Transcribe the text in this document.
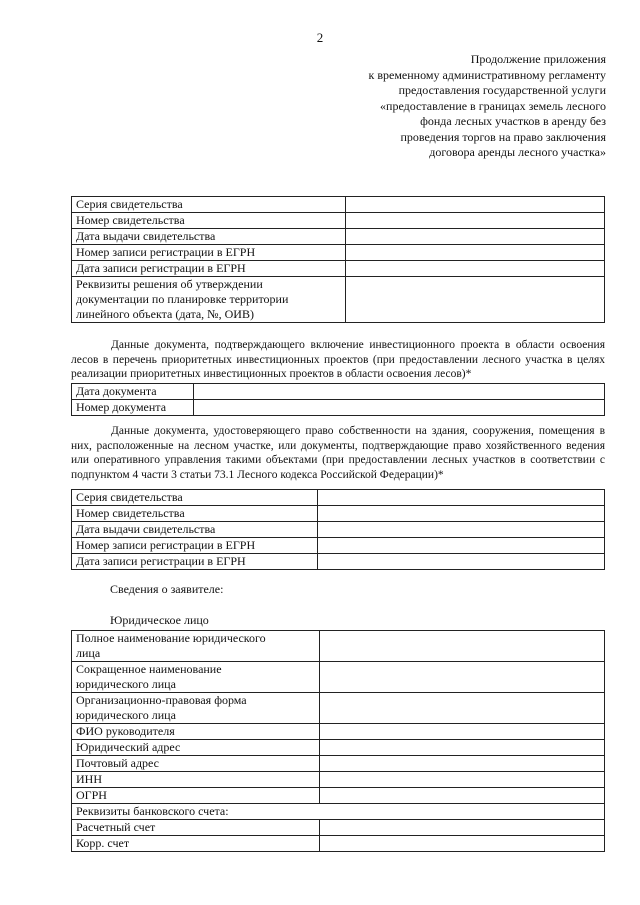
2
Продолжение приложения
к временному административному регламенту
предоставления государственной услуги
«предоставление в границах земель лесного
фонда лесных участков в аренду без
проведения торгов на право заключения
договора аренды лесного участка»
Серия свидетельства	
Номер свидетельства	
Дата выдачи свидетельства	
Номер записи регистрации в ЕГРН	
Дата записи регистрации в ЕГРН	

Реквизиты решения об утверждении
документации по планировке территории
линейного объекта (дата, №, ОИВ)	

Данные документа, подтверждающего включение инвестиционного проекта в области освоения лесов в перечень приоритетных инвестиционных проектов (при предоставлении лесного участка в целях реализации приоритетных инвестиционных проектов в области освоения лесов)*
Дата документа	
Номер документа	
Данные документа, удостоверяющего право собственности на здания, сооружения, помещения в них, расположенные на лесном участке, или документы, подтверждающие право хозяйственного ведения или оперативного управления такими объектами (при предоставлении лесных участков в соответствии с подпунктом 4 части 3 статьи 73.1 Лесного кодекса Российской Федерации)*
Серия свидетельства	
Номер свидетельства	
Дата выдачи свидетельства	
Номер записи регистрации в ЕГРН	
Дата записи регистрации в ЕГРН	
Сведения о заявителе:
Юридическое лицо
Полное наименование юридического
лица	

Сокращенное наименование
юридического лица	

Организационно-правовая форма
юридического лица	

ФИО руководителя	
Юридический адрес	
Почтовый адрес	
ИНН	
ОГРН	
Реквизиты банковского счета:	
Расчетный счет	
Корр. счет	
